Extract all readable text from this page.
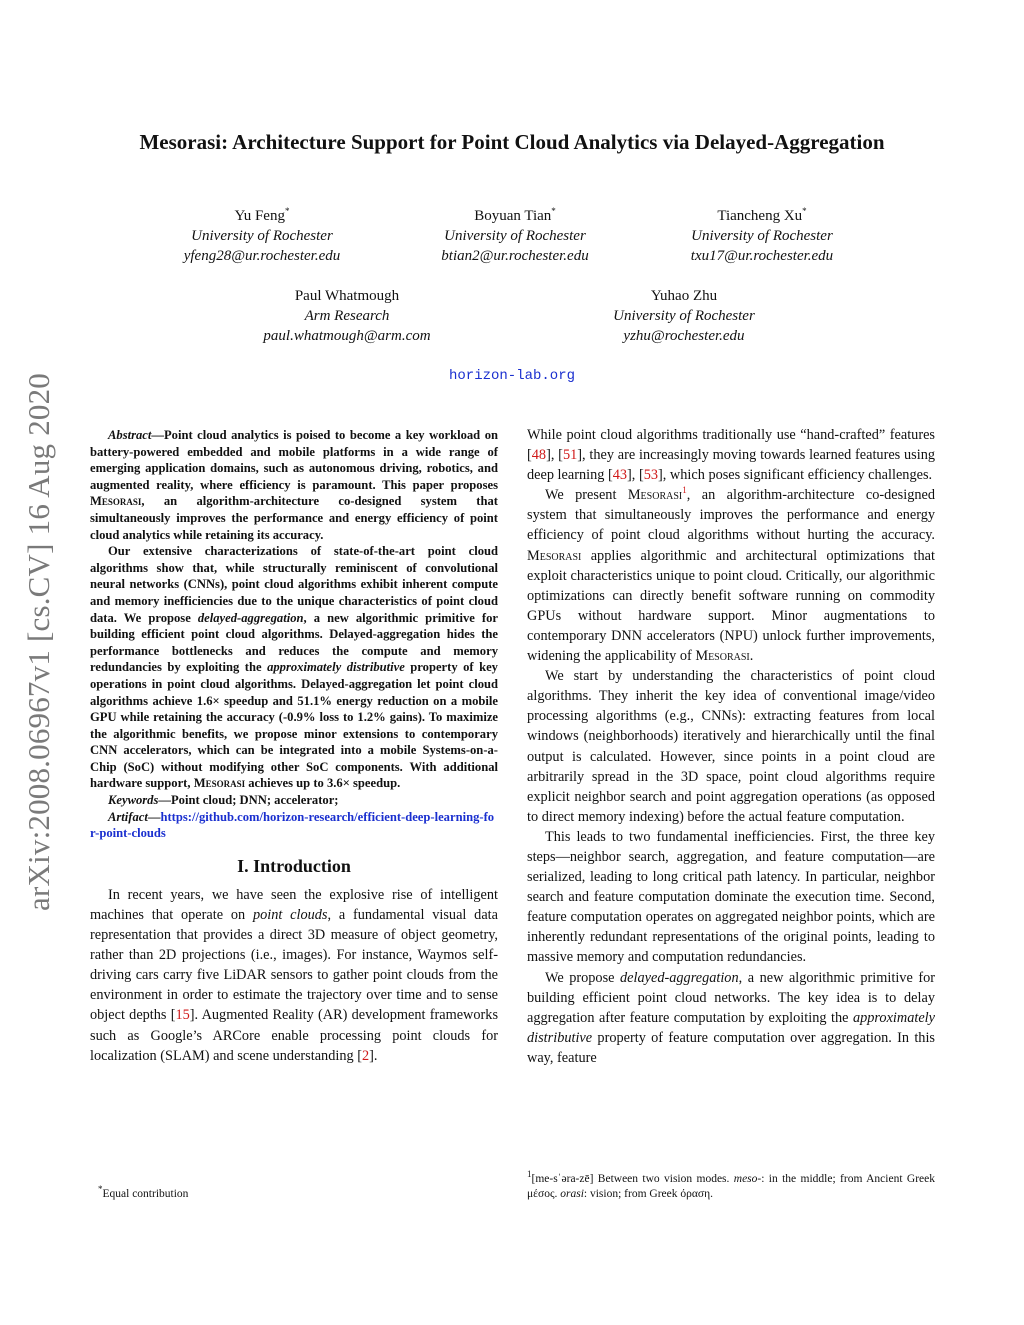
arXiv:2008.06967v1 [cs.CV] 16 Aug 2020
Mesorasi: Architecture Support for Point Cloud Analytics via Delayed-Aggregation
Yu Feng*
University of Rochester
yfeng28@ur.rochester.edu
Boyuan Tian*
University of Rochester
btian2@ur.rochester.edu
Tiancheng Xu*
University of Rochester
txu17@ur.rochester.edu
Paul Whatmough
Arm Research
paul.whatmough@arm.com
Yuhao Zhu
University of Rochester
yzhu@rochester.edu
horizon-lab.org

Abstract—Point cloud analytics is poised to become a key workload on battery-powered embedded and mobile platforms in a wide range of emerging application domains, such as autonomous driving, robotics, and augmented reality, where efficiency is paramount. This paper proposes Mesorasi, an algorithm-architecture co-designed system that simultaneously improves the performance and energy efficiency of point cloud analytics while retaining its accuracy.

Our extensive characterizations of state-of-the-art point cloud algorithms show that, while structurally reminiscent of convolutional neural networks (CNNs), point cloud algorithms exhibit inherent compute and memory inefficiencies due to the unique characteristics of point cloud data. We propose delayed-aggregation, a new algorithmic primitive for building efficient point cloud algorithms. Delayed-aggregation hides the performance bottlenecks and reduces the compute and memory redundancies by exploiting the approximately distributive property of key operations in point cloud algorithms. Delayed-aggregation let point cloud algorithms achieve 1.6× speedup and 51.1% energy reduction on a mobile GPU while retaining the accuracy (-0.9% loss to 1.2% gains). To maximize the algorithmic benefits, we propose minor extensions to contemporary CNN accelerators, which can be integrated into a mobile Systems-on-a-Chip (SoC) without modifying other SoC components. With additional hardware support, Mesorasi achieves up to 3.6× speedup.

Keywords—Point cloud; DNN; accelerator;

Artifact—https://github.com/horizon-research/efficient-deep-learning-for-point-clouds

I. Introduction

In recent years, we have seen the explosive rise of intelligent machines that operate on point clouds, a fundamental visual data representation that provides a direct 3D measure of object geometry, rather than 2D projections (i.e., images). For instance, Waymos self-driving cars carry five LiDAR sensors to gather point clouds from the environment in order to estimate the trajectory over time and to sense object depths [15]. Augmented Reality (AR) development frameworks such as Google’s ARCore enable processing point clouds for localization (SLAM) and scene understanding [2].

While point cloud algorithms traditionally use “hand-crafted” features [48], [51], they are increasingly moving towards learned features using deep learning [43], [53], which poses significant efficiency challenges.

We present Mesorasi$^1$, an algorithm-architecture co-designed system that simultaneously improves the performance and energy efficiency of point cloud algorithms without hurting the accuracy. Mesorasi applies algorithmic and architectural optimizations that exploit characteristics unique to point cloud. Critically, our algorithmic optimizations can directly benefit software running on commodity GPUs without hardware support. Minor augmentations to contemporary DNN accelerators (NPU) unlock further improvements, widening the applicability of Mesorasi.

We start by understanding the characteristics of point cloud algorithms. They inherit the key idea of conventional image/video processing algorithms (e.g., CNNs): extracting features from local windows (neighborhoods) iteratively and hierarchically until the final output is calculated. However, since points in a point cloud are arbitrarily spread in the 3D space, point cloud algorithms require explicit neighbor search and point aggregation operations (as opposed to direct memory indexing) before the actual feature computation.

This leads to two fundamental inefficiencies. First, the three key steps—neighbor search, aggregation, and feature computation—are serialized, leading to long critical path latency. In particular, neighbor search and feature computation dominate the execution time. Second, feature computation operates on aggregated neighbor points, which are inherently redundant representations of the original points, leading to massive memory and computation redundancies.

We propose delayed-aggregation, a new algorithmic primitive for building efficient point cloud networks. The key idea is to delay aggregation after feature computation by exploiting the approximately distributive property of feature computation over aggregation. In this way, feature

*Equal contribution
$^1$[me-sˈəra-zē] Between two vision modes. meso-: in the middle; from Ancient Greek μέσος. orasi: vision; from Greek όραση.
